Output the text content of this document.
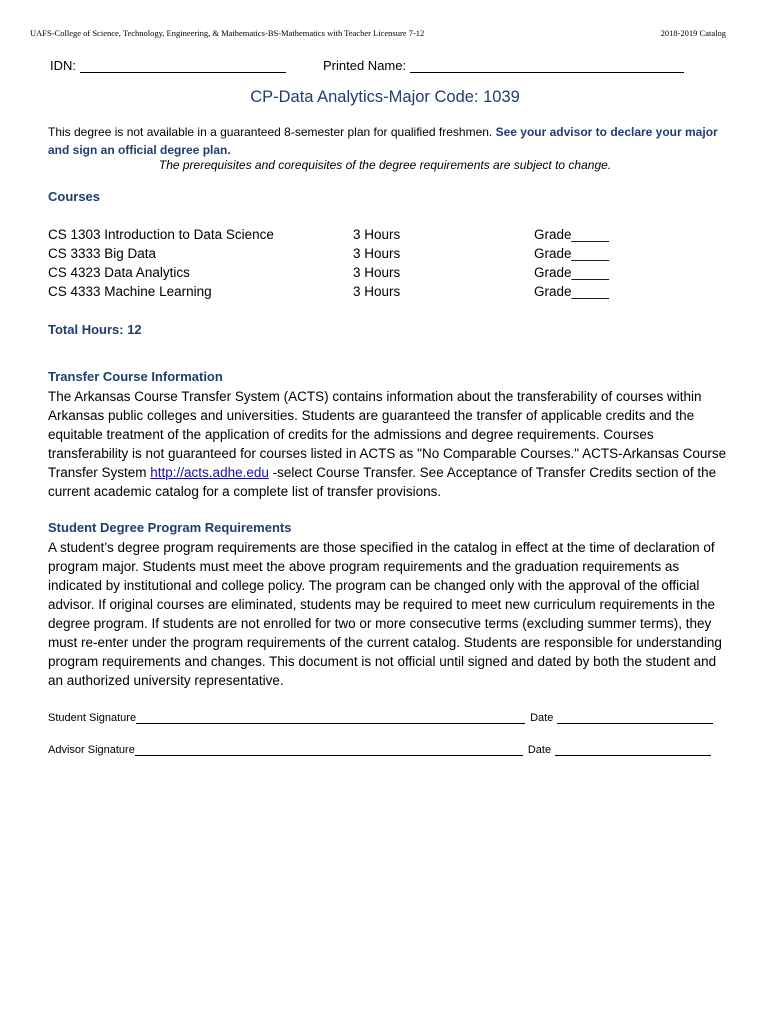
UAFS-College of Science, Technology, Engineering, & Mathematics-BS-Mathematics with Teacher Licensure 7-12	2018-2019 Catalog
IDN:	Printed Name:
CP-Data Analytics-Major Code: 1039
This degree is not available in a guaranteed 8-semester plan for qualified freshmen. See your advisor to declare your major and sign an official degree plan.
The prerequisites and corequisites of the degree requirements are subject to change.
Courses
CS 1303 Introduction to Data Science	3 Hours	Grade_____
CS 3333 Big Data	3 Hours	Grade_____
CS 4323 Data Analytics	3 Hours	Grade_____
CS 4333 Machine Learning	3 Hours	Grade_____
Total Hours: 12
Transfer Course Information
The Arkansas Course Transfer System (ACTS) contains information about the transferability of courses within Arkansas public colleges and universities. Students are guaranteed the transfer of applicable credits and the equitable treatment of the application of credits for the admissions and degree requirements. Courses transferability is not guaranteed for courses listed in ACTS as "No Comparable Courses." ACTS-Arkansas Course Transfer System http://acts.adhe.edu -select Course Transfer. See Acceptance of Transfer Credits section of the current academic catalog for a complete list of transfer provisions.
Student Degree Program Requirements
A student’s degree program requirements are those specified in the catalog in effect at the time of declaration of program major. Students must meet the above program requirements and the graduation requirements as indicated by institutional and college policy. The program can be changed only with the approval of the official advisor. If original courses are eliminated, students may be required to meet new curriculum requirements in the degree program. If students are not enrolled for two or more consecutive terms (excluding summer terms), they must re-enter under the program requirements of the current catalog. Students are responsible for understanding program requirements and changes. This document is not official until signed and dated by both the student and an authorized university representative.
Student Signature	Date
Advisor Signature	Date
